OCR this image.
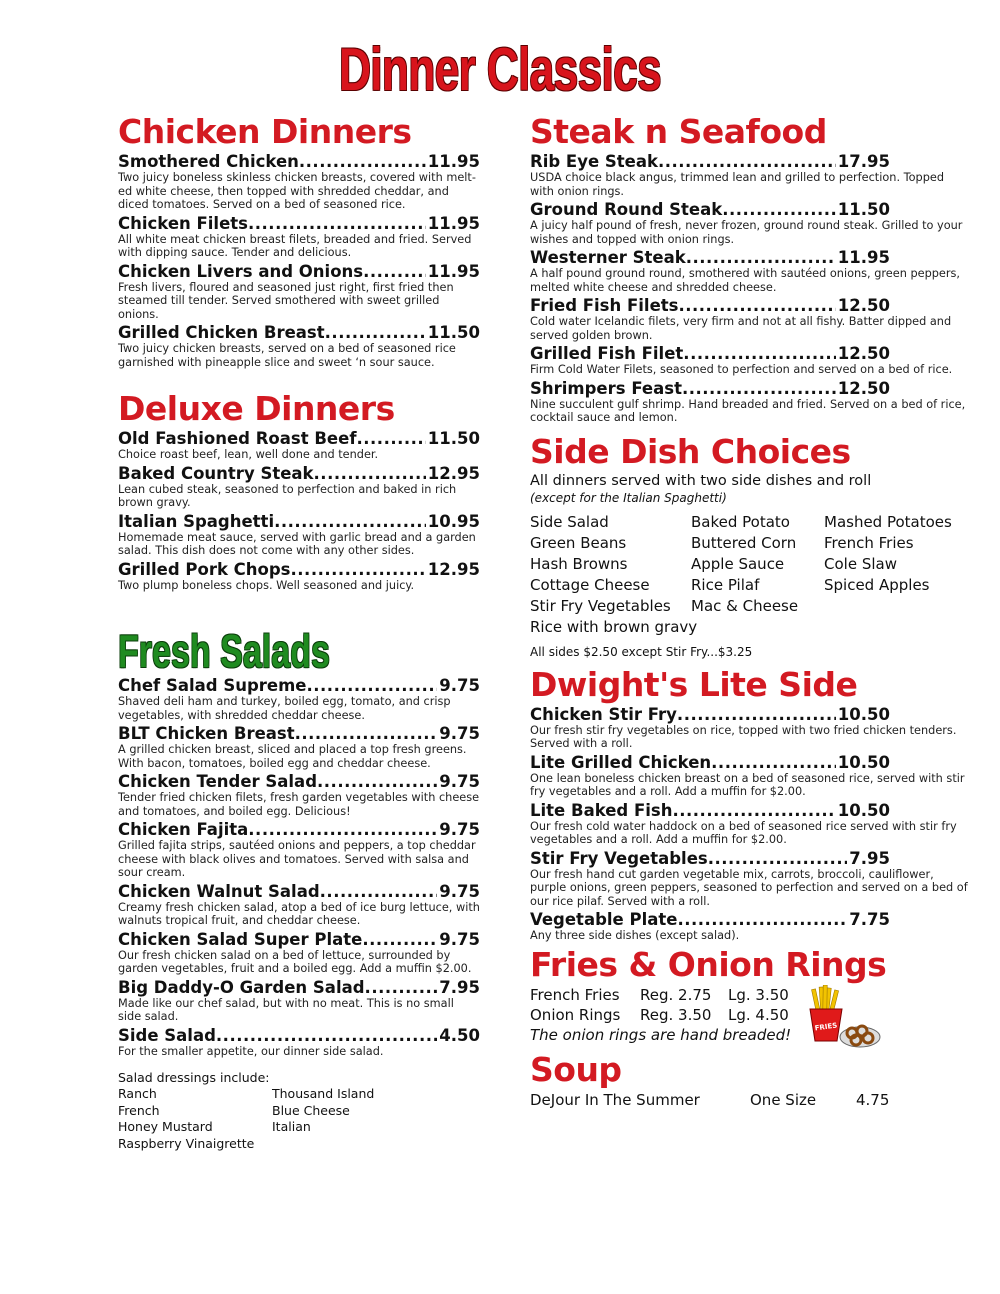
Dinner Classics
Chicken Dinners
Smothered Chicken .....	11.95
Two juicy boneless skinless chicken breasts, covered with melt-ed white cheese, then topped with shredded cheddar, and diced tomatoes. Served on a bed of seasoned rice.
Chicken Filets .....	11.95
All white meat chicken breast filets, breaded and fried. Served with dipping sauce. Tender and delicious.
Chicken Livers and Onions .....	11.95
Fresh livers, floured and seasoned just right, first fried then steamed till tender. Served smothered with sweet grilled onions.
Grilled Chicken Breast .....	11.50
Two juicy chicken breasts, served on a bed of seasoned rice garnished with pineapple slice and sweet ‘n sour sauce.
Deluxe Dinners
Old Fashioned Roast Beef .....	11.50
Choice roast beef, lean, well done and tender.
Baked Country Steak .....	12.95
Lean cubed steak, seasoned to perfection and baked in rich brown gravy.
Italian Spaghetti .....	10.95
Homemade meat sauce, served with garlic bread and a garden salad. This dish does not come with any other sides.
Grilled Pork Chops .....	12.95
Two plump boneless chops. Well seasoned and juicy.
Fresh Salads
Chef Salad Supreme .....	9.75
Shaved deli ham and turkey, boiled egg, tomato, and crisp vegetables, with shredded cheddar cheese.
BLT Chicken Breast .....	9.75
A grilled chicken breast, sliced and placed a top fresh greens. With bacon, tomatoes, boiled egg and cheddar cheese.
Chicken Tender Salad .....	9.75
Tender fried chicken filets, fresh garden vegetables with cheese and tomatoes, and boiled egg. Delicious!
Chicken Fajita .....	9.75
Grilled fajita strips, sautéed onions and peppers, a top cheddar cheese with black olives and tomatoes. Served with salsa and sour cream.
Chicken Walnut Salad .....	9.75
Creamy fresh chicken salad, atop a bed of ice burg lettuce, with walnuts tropical fruit, and cheddar cheese.
Chicken Salad Super Plate .....	9.75
Our fresh chicken salad on a bed of lettuce, surrounded by garden vegetables, fruit and a boiled egg. Add a muffin $2.00.
Big Daddy-O Garden Salad .....	7.95
Made like our chef salad, but with no meat. This is no small side salad.
Side Salad .....	4.50
For the smaller appetite, our dinner side salad.
Salad dressings include:
Ranch	Thousand Island
French	Blue Cheese
Honey Mustard	Italian
Raspberry Vinaigrette
Steak n Seafood
Rib Eye Steak .....	17.95
USDA choice black angus, trimmed lean and grilled to perfection. Topped with onion rings.
Ground Round Steak .....	11.50
A juicy half pound of fresh, never frozen, ground round steak. Grilled to your wishes and topped with onion rings.
Westerner Steak .....	11.95
A half pound ground round, smothered with sautéed onions, green peppers, melted white cheese and shredded cheese.
Fried Fish Filets .....	12.50
Cold water Icelandic filets, very firm and not at all fishy. Batter dipped and served golden brown.
Grilled Fish Filet .....	12.50
Firm Cold Water Filets, seasoned to perfection and served on a bed of rice.
Shrimpers Feast .....	12.50
Nine succulent gulf shrimp. Hand breaded and fried. Served on a bed of rice, cocktail sauce and lemon.
Side Dish Choices
All dinners served with two side dishes and roll
(except for the Italian Spaghetti)
Side Salad	Baked Potato	Mashed Potatoes
Green Beans	Buttered Corn	French Fries
Hash Browns	Apple Sauce	Cole Slaw
Cottage Cheese	Rice Pilaf	Spiced Apples
Stir Fry Vegetables	Mac & Cheese
Rice with brown gravy
All sides $2.50 except Stir Fry...$3.25
Dwight's Lite Side
Chicken Stir Fry .....	10.50
Our fresh stir fry vegetables on rice, topped with two fried chicken tenders. Served with a roll.
Lite Grilled Chicken .....	10.50
One lean boneless chicken breast on a bed of seasoned rice, served with stir fry vegetables and a roll. Add a muffin for $2.00.
Lite Baked Fish .....	10.50
Our fresh cold water haddock on a bed of seasoned rice served with stir fry vegetables and a roll. Add a muffin for $2.00.
Stir Fry Vegetables .....	7.95
Our fresh hand cut garden vegetable mix, carrots, broccoli, cauliflower, purple onions, green peppers, seasoned to perfection and served on a bed of our rice pilaf. Served with a roll.
Vegetable Plate .....	7.75
Any three side dishes (except salad).
Fries & Onion Rings
French Fries	Reg. 2.75	Lg. 3.50
Onion Rings	Reg. 3.50	Lg. 4.50
The onion rings are hand breaded!	FRIES
Soup
DeJour In The Summer	One Size	4.75
